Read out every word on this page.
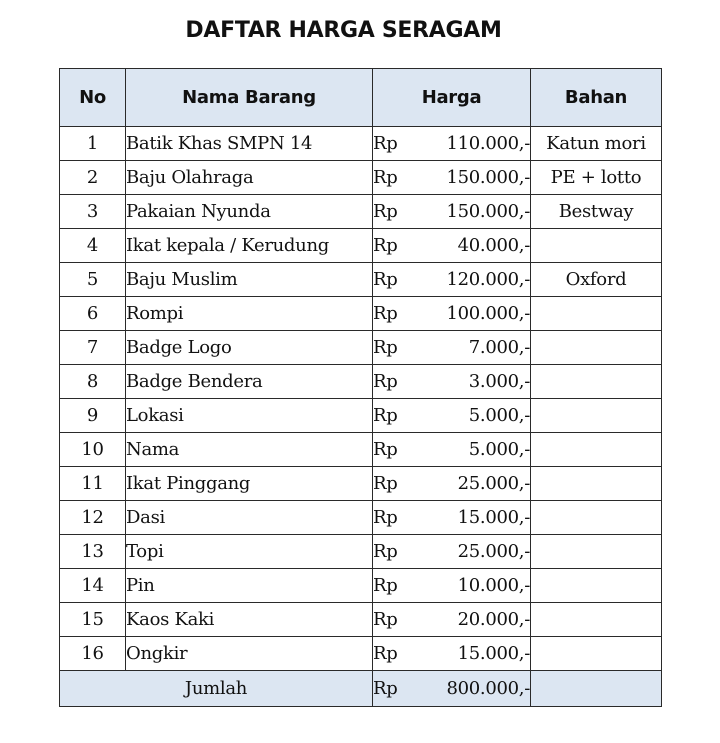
DAFTAR HARGA SERAGAM
No	Nama Barang	Harga	Bahan
1	Batik Khas SMPN 14	Rp 110.000,-	Katun mori
2	Baju Olahraga	Rp 150.000,-	PE + lotto
3	Pakaian Nyunda	Rp 150.000,-	Bestway
4	Ikat kepala / Kerudung	Rp 40.000,-	

5	Baju Muslim	Rp 120.000,-	Oxford
6	Rompi	Rp 100.000,-	

7	Badge Logo	Rp 7.000,-	

8	Badge Bendera	Rp 3.000,-	

9	Lokasi	Rp 5.000,-	

10	Nama	Rp 5.000,-	

11	Ikat Pinggang	Rp 25.000,-	

12	Dasi	Rp 15.000,-	

13	Topi	Rp 25.000,-	

14	Pin	Rp 10.000,-	

15	Kaos Kaki	Rp 20.000,-	

16	Ongkir	Rp 15.000,-	

Jumlah		Rp 800.000,-	
